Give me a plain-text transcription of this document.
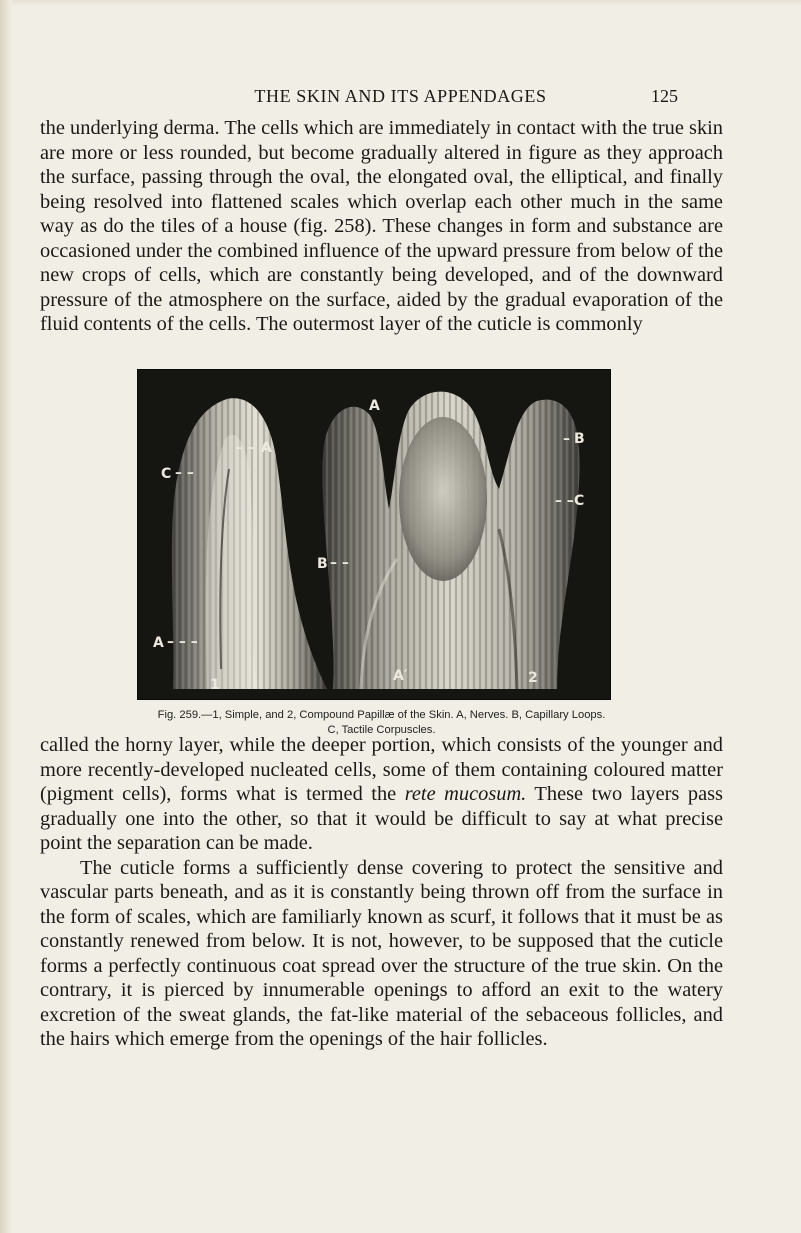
THE SKIN AND ITS APPENDAGES	125

the underlying derma. The cells which are immediately in contact with the true skin are more or less rounded, but become gradually altered in figure as they approach the surface, passing through the oval, the elongated oval, the elliptical, and finally being resolved into flattened scales which overlap each other much in the same way as do the tiles of a house (fig. 258). These changes in form and substance are occasioned under the combined influence of the upward pressure from below of the new crops of cells, which are constantly being developed, and of the downward pressure of the atmosphere on the surface, aided by the gradual evaporation of the fluid contents of the cells. The outermost layer of the cuticle is commonly

C – –
– – A
A
– B
– – C
B – –
A – – –
1
A′	2
Fig. 259.—1, Simple, and 2, Compound Papillæ of the Skin. A, Nerves. B, Capillary Loops.
C, Tactile Corpuscles.

called the horny layer, while the deeper portion, which consists of the younger and more recently-developed nucleated cells, some of them containing coloured matter (pigment cells), forms what is termed the rete mucosum. These two layers pass gradually one into the other, so that it would be difficult to say at what precise point the separation can be made.

The cuticle forms a sufficiently dense covering to protect the sensitive and vascular parts beneath, and as it is constantly being thrown off from the surface in the form of scales, which are familiarly known as scurf, it follows that it must be as constantly renewed from below. It is not, however, to be supposed that the cuticle forms a perfectly continuous coat spread over the structure of the true skin. On the contrary, it is pierced by innumerable openings to afford an exit to the watery excretion of the sweat glands, the fat-like material of the sebaceous follicles, and the hairs which emerge from the openings of the hair follicles.
